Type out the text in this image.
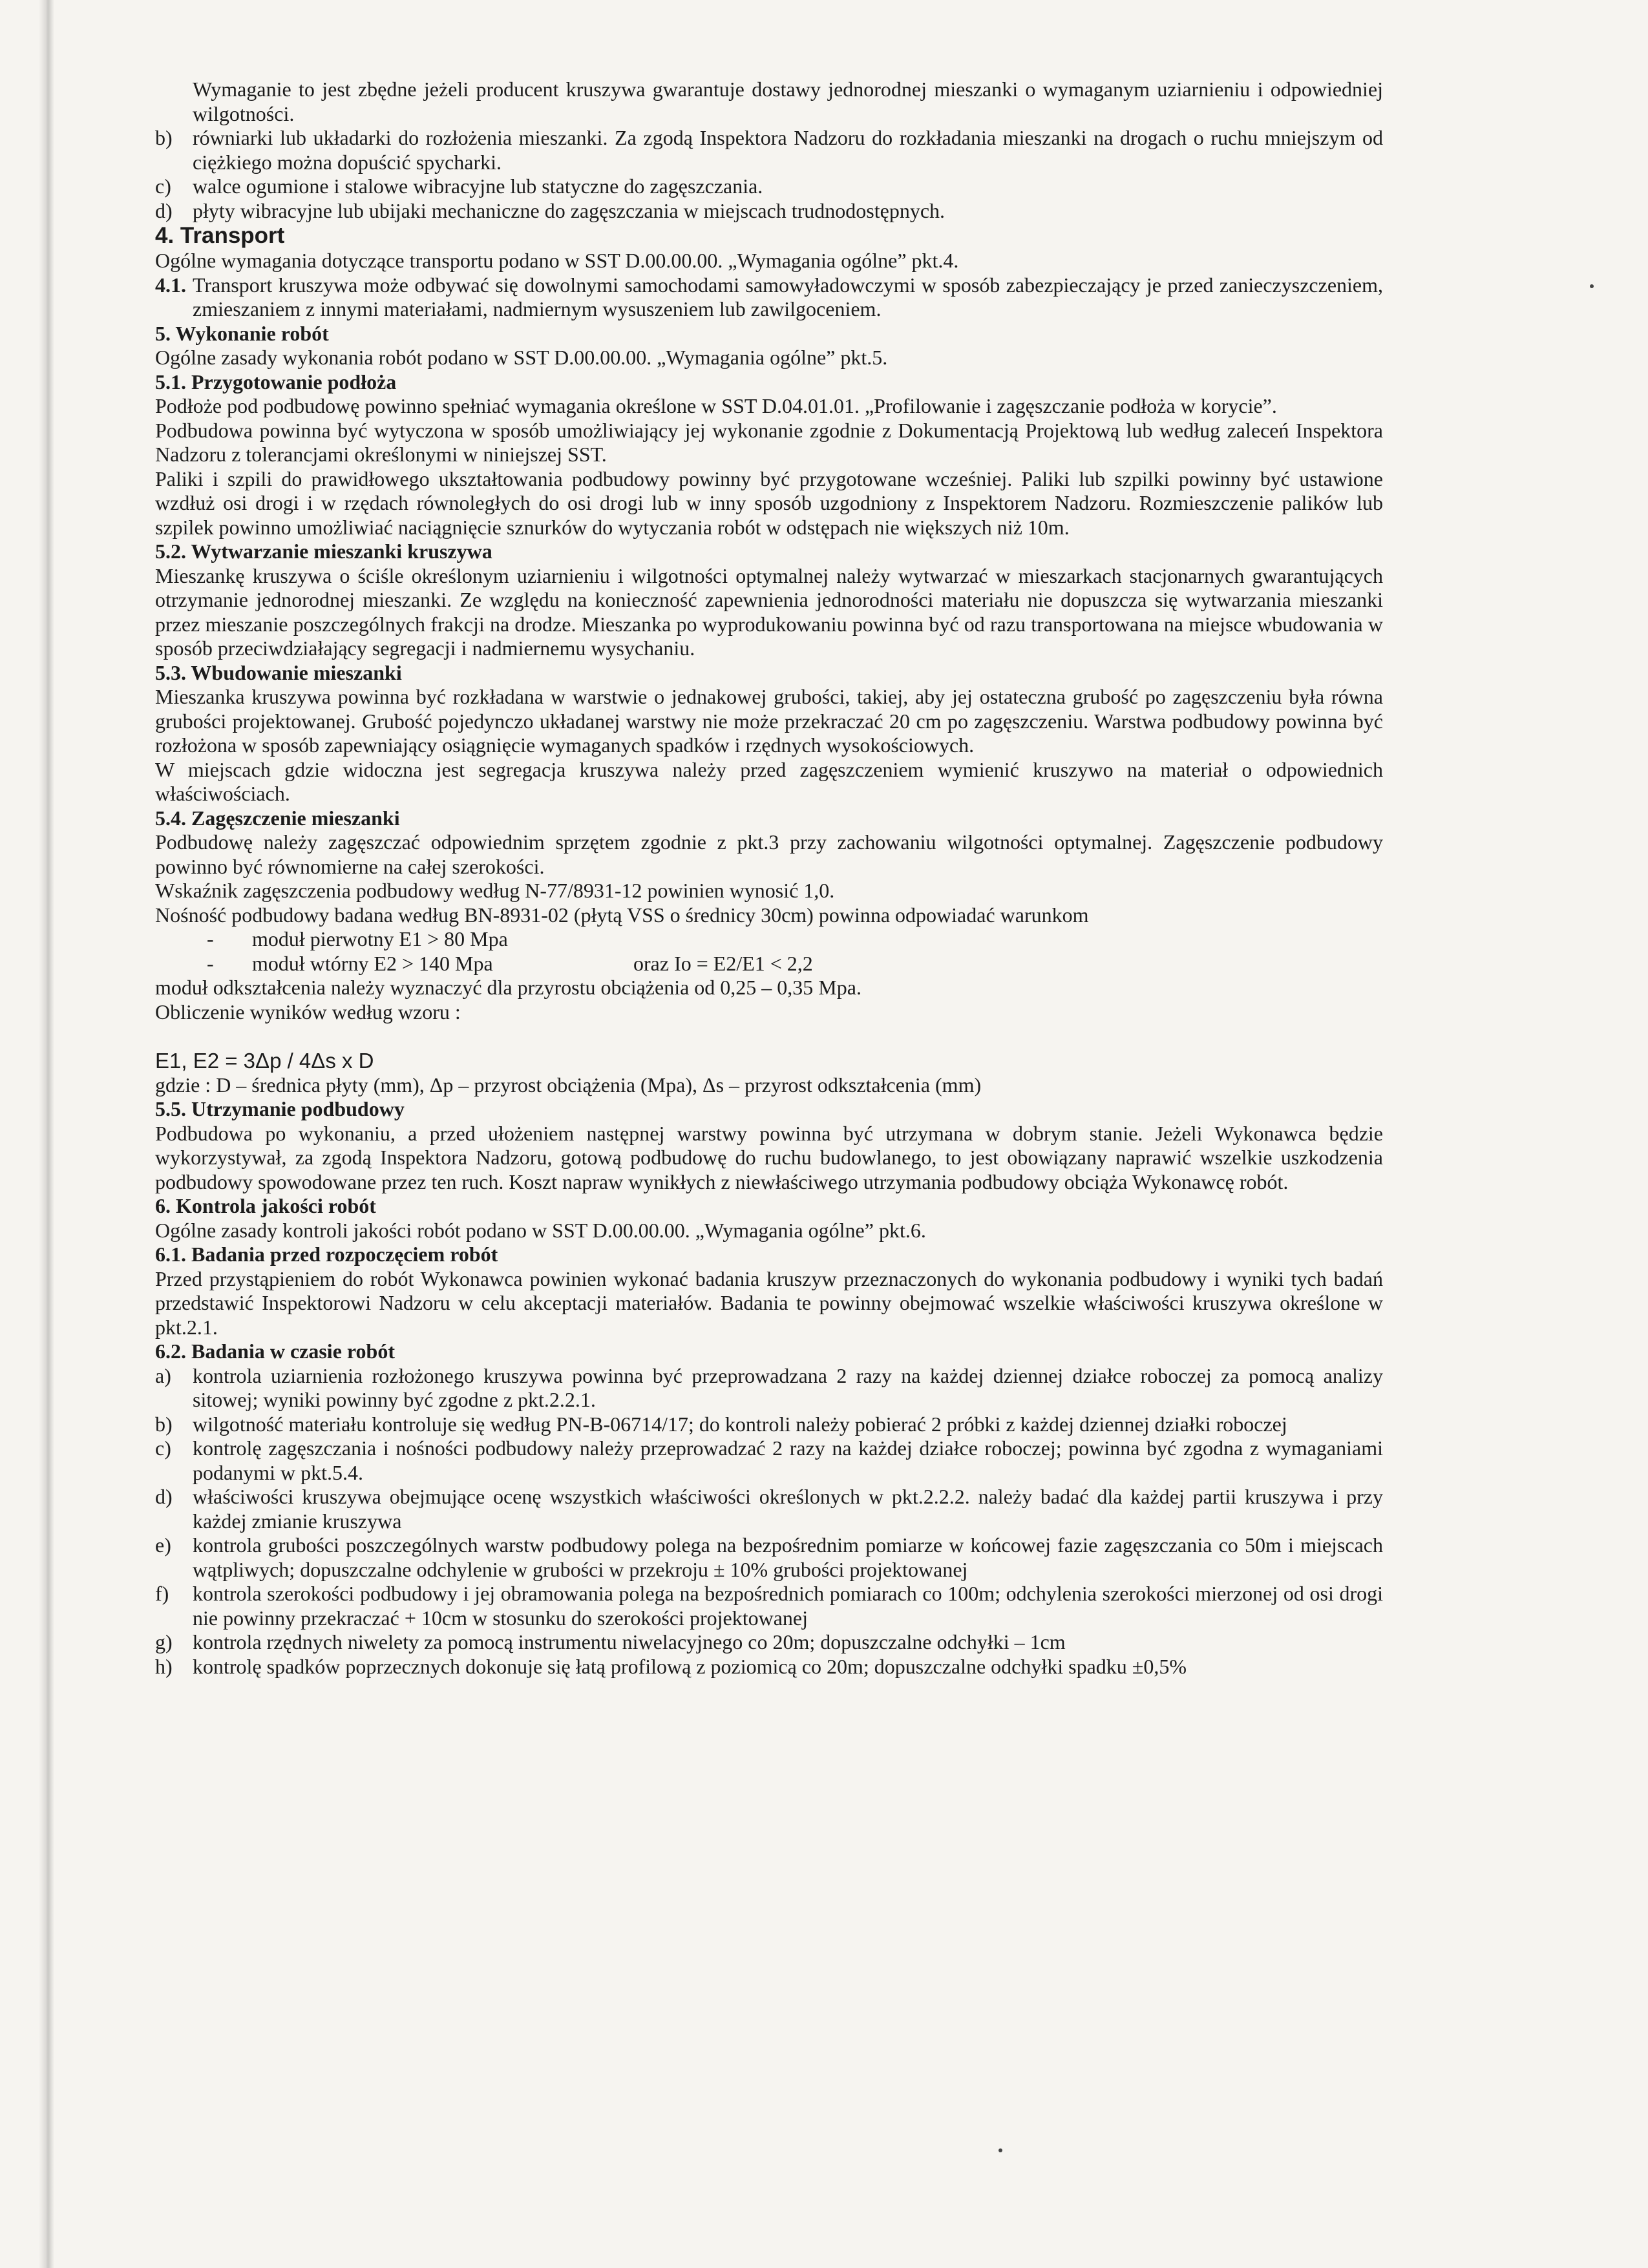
Wymaganie to jest zbędne jeżeli producent kruszywa gwarantuje dostawy jednorodnej mieszanki o wymaganym uziarnieniu i odpowiedniej wilgotności.

b) równiarki lub układarki do rozłożenia mieszanki. Za zgodą Inspektora Nadzoru do rozkładania mieszanki na drogach o ruchu mniejszym od ciężkiego można dopuścić spycharki.
c) walce ogumione i stalowe wibracyjne lub statyczne do zagęszczania.
d) płyty wibracyjne lub ubijaki mechaniczne do zagęszczania w miejscach trudnodostępnych.

4. Transport

Ogólne wymagania dotyczące transportu podano w SST D.00.00.00. „Wymagania ogólne” pkt.4.

4.1. Transport kruszywa może odbywać się dowolnymi samochodami samowyładowczymi w sposób zabezpieczający je przed zanieczyszczeniem, zmieszaniem z innymi materiałami, nadmiernym wysuszeniem lub zawilgoceniem.

5. Wykonanie robót

Ogólne zasady wykonania robót podano w SST D.00.00.00. „Wymagania ogólne” pkt.5.

5.1. Przygotowanie podłoża

Podłoże pod podbudowę powinno spełniać wymagania określone w SST D.04.01.01. „Profilowanie i zagęszczanie podłoża w korycie”.

Podbudowa powinna być wytyczona w sposób umożliwiający jej wykonanie zgodnie z Dokumentacją Projektową lub według zaleceń Inspektora Nadzoru z tolerancjami określonymi w niniejszej SST.

Paliki i szpili do prawidłowego ukształtowania podbudowy powinny być przygotowane wcześniej. Paliki lub szpilki powinny być ustawione wzdłuż osi drogi i w rzędach równoległych do osi drogi lub w inny sposób uzgodniony z Inspektorem Nadzoru. Rozmieszczenie palików lub szpilek powinno umożliwiać naciągnięcie sznurków do wytyczania robót w odstępach nie większych niż 10m.

5.2. Wytwarzanie mieszanki kruszywa

Mieszankę kruszywa o ściśle określonym uziarnieniu i wilgotności optymalnej należy wytwarzać w mieszarkach stacjonarnych gwarantujących otrzymanie jednorodnej mieszanki. Ze względu na konieczność zapewnienia jednorodności materiału nie dopuszcza się wytwarzania mieszanki przez mieszanie poszczególnych frakcji na drodze. Mieszanka po wyprodukowaniu powinna być od razu transportowana na miejsce wbudowania w sposób przeciwdziałający segregacji i nadmiernemu wysychaniu.

5.3. Wbudowanie mieszanki

Mieszanka kruszywa powinna być rozkładana w warstwie o jednakowej grubości, takiej, aby jej ostateczna grubość po zagęszczeniu była równa grubości projektowanej. Grubość pojedynczo układanej warstwy nie może przekraczać 20 cm po zagęszczeniu. Warstwa podbudowy powinna być rozłożona w sposób zapewniający osiągnięcie wymaganych spadków i rzędnych wysokościowych.

W miejscach gdzie widoczna jest segregacja kruszywa należy przed zagęszczeniem wymienić kruszywo na materiał o odpowiednich właściwościach.

5.4. Zagęszczenie mieszanki

Podbudowę należy zagęszczać odpowiednim sprzętem zgodnie z pkt.3 przy zachowaniu wilgotności optymalnej. Zagęszczenie podbudowy powinno być równomierne na całej szerokości.

Wskaźnik zagęszczenia podbudowy według N-77/8931-12 powinien wynosić 1,0.

Nośność podbudowy badana według BN-8931-02 (płytą VSS o średnicy 30cm) powinna odpowiadać warunkom

- moduł pierwotny E1 > 80 Mpa
- moduł wtórny E2 > 140 Mpa	oraz Io = E2/E1 < 2,2

moduł odkształcenia należy wyznaczyć dla przyrostu obciążenia od 0,25 – 0,35 Mpa.

Obliczenie wyników według wzoru :

E1, E2 = 3Δp / 4Δs x D

gdzie : D – średnica płyty (mm), Δp – przyrost obciążenia (Mpa), Δs – przyrost odkształcenia (mm)

5.5. Utrzymanie podbudowy

Podbudowa po wykonaniu, a przed ułożeniem następnej warstwy powinna być utrzymana w dobrym stanie. Jeżeli Wykonawca będzie wykorzystywał, za zgodą Inspektora Nadzoru, gotową podbudowę do ruchu budowlanego, to jest obowiązany naprawić wszelkie uszkodzenia podbudowy spowodowane przez ten ruch. Koszt napraw wynikłych z niewłaściwego utrzymania podbudowy obciąża Wykonawcę robót.

6. Kontrola jakości robót

Ogólne zasady kontroli jakości robót podano w SST D.00.00.00. „Wymagania ogólne” pkt.6.

6.1. Badania przed rozpoczęciem robót

Przed przystąpieniem do robót Wykonawca powinien wykonać badania kruszyw przeznaczonych do wykonania podbudowy i wyniki tych badań przedstawić Inspektorowi Nadzoru w celu akceptacji materiałów. Badania te powinny obejmować wszelkie właściwości kruszywa określone w pkt.2.1.

6.2. Badania w czasie robót

a) kontrola uziarnienia rozłożonego kruszywa powinna być przeprowadzana 2 razy na każdej dziennej działce roboczej za pomocą analizy sitowej; wyniki powinny być zgodne z pkt.2.2.1.
b) wilgotność materiału kontroluje się według PN-B-06714/17; do kontroli należy pobierać 2 próbki z każdej dziennej działki roboczej
c) kontrolę zagęszczania i nośności podbudowy należy przeprowadzać 2 razy na każdej działce roboczej; powinna być zgodna z wymaganiami podanymi w pkt.5.4.
d) właściwości kruszywa obejmujące ocenę wszystkich właściwości określonych w pkt.2.2.2. należy badać dla każdej partii kruszywa i przy każdej zmianie kruszywa
e) kontrola grubości poszczególnych warstw podbudowy polega na bezpośrednim pomiarze w końcowej fazie zagęszczania co 50m i miejscach wątpliwych; dopuszczalne odchylenie w grubości w przekroju ± 10% grubości projektowanej
f) kontrola szerokości podbudowy i jej obramowania polega na bezpośrednich pomiarach co 100m; odchylenia szerokości mierzonej od osi drogi nie powinny przekraczać + 10cm w stosunku do szerokości projektowanej
g) kontrola rzędnych niwelety za pomocą instrumentu niwelacyjnego co 20m; dopuszczalne odchyłki – 1cm
h) kontrolę spadków poprzecznych dokonuje się łatą profilową z poziomicą co 20m; dopuszczalne odchyłki spadku ±0,5%
